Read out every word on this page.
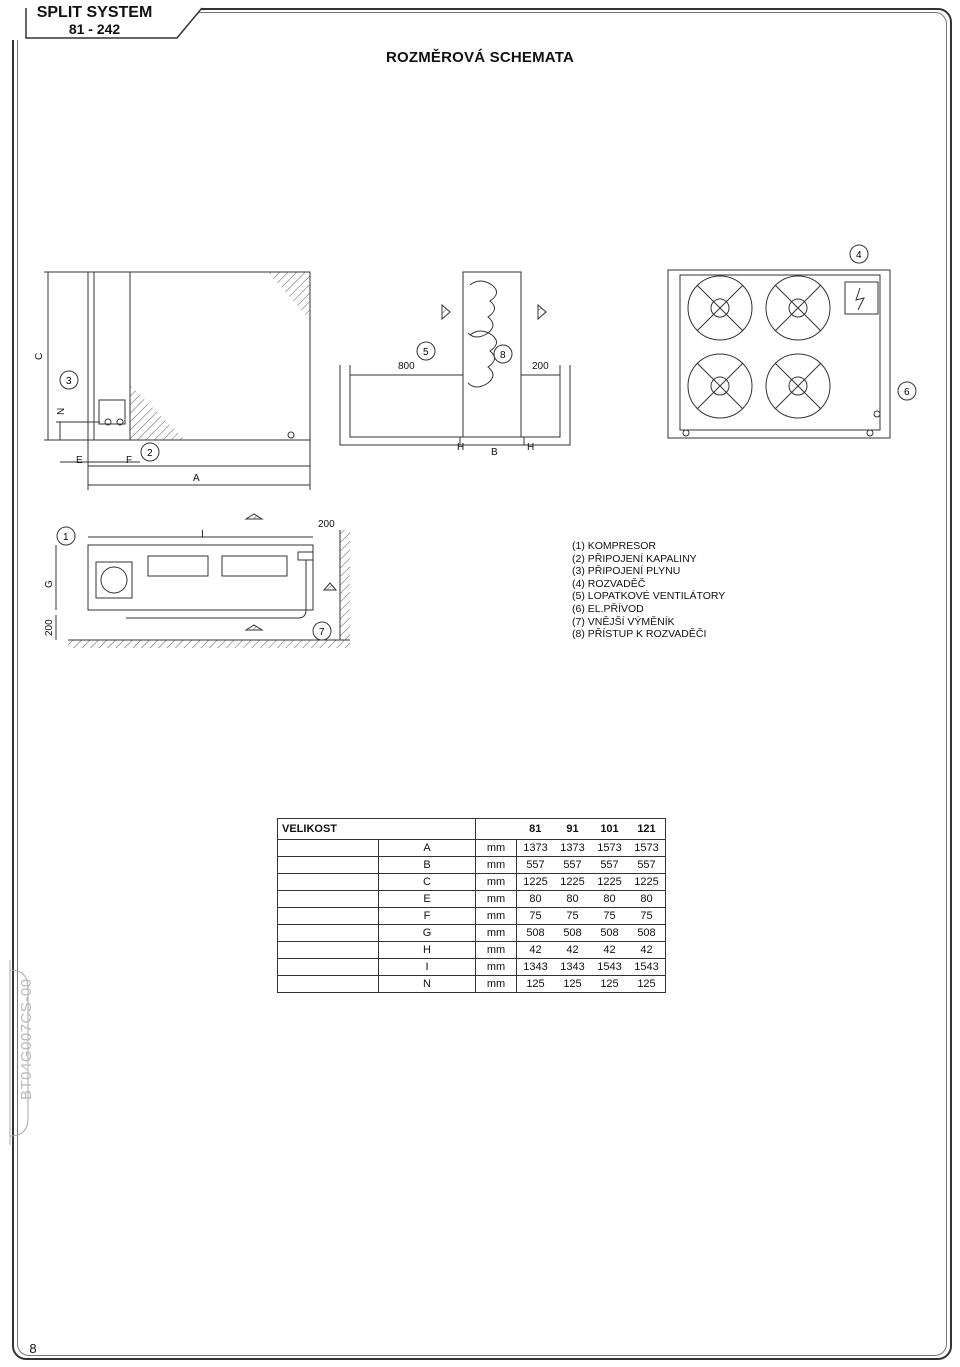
SPLIT SYSTEM
81 - 242
ROZMĚROVÁ SCHEMATA
C
N
E	F
A
3
2
800	200
H	B	H
5	8
4
6
G
200
I
200
1
7
(1) KOMPRESOR
(2) PŘIPOJENÍ KAPALINY
(3) PŘIPOJENÍ PLYNU
(4) ROZVADĚČ
(5) LOPATKOVÉ VENTILÁTORY
(6) EL.PŘÍVOD
(7) VNĚJŠÍ VÝMĚNÍK
(8) PŘÍSTUP K ROZVADĚČI
VELIKOST			81	91	101	121
	A	mm	1373	1373	1573	1573
	B	mm	557	557	557	557
	C	mm	1225	1225	1225	1225
	E	mm	80	80	80	80
	F	mm	75	75	75	75
	G	mm	508	508	508	508
	H	mm	42	42	42	42
	I	mm	1343	1343	1543	1543
	N	mm	125	125	125	125
BT04G007CS-00
8
